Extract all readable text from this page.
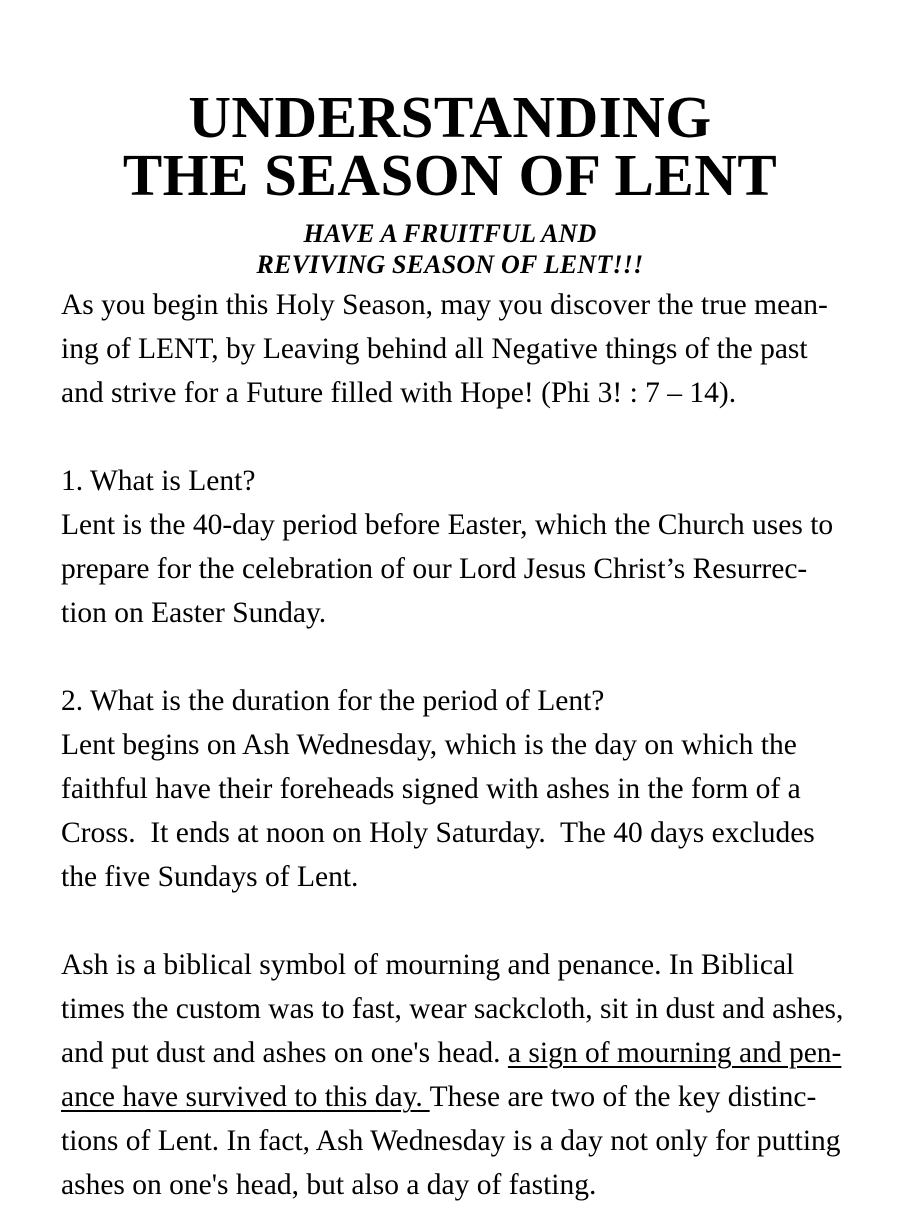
UNDERSTANDING
THE SEASON OF LENT
HAVE A FRUITFUL AND
REVIVING SEASON OF LENT!!!

As you begin this Holy Season, may you discover the true mean-
ing of LENT, by Leaving behind all Negative things of the past
and strive for a Future filled with Hope! (Phi 3! : 7 – 14).

1. What is Lent?
Lent is the 40-day period before Easter, which the Church uses to
prepare for the celebration of our Lord Jesus Christ’s Resurrec-
tion on Easter Sunday.

2. What is the duration for the period of Lent?
Lent begins on Ash Wednesday, which is the day on which the
faithful have their foreheads signed with ashes in the form of a
Cross.  It ends at noon on Holy Saturday.  The 40 days excludes
the five Sundays of Lent.

Ash is a biblical symbol of mourning and penance. In Biblical
times the custom was to fast, wear sackcloth, sit in dust and ashes,
and put dust and ashes on one's head. a sign of mourning and pen-
ance have survived to this day. These are two of the key distinc-
tions of Lent. In fact, Ash Wednesday is a day not only for putting
ashes on one's head, but also a day of fasting.
